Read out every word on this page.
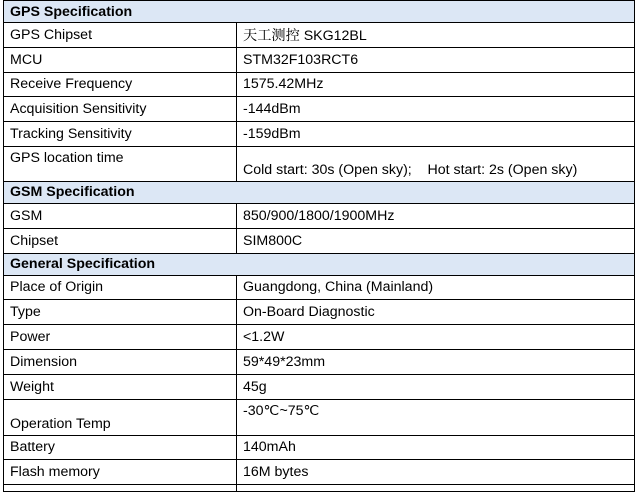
GPS Specification	
GPS Chipset	天工测控 SKG12BL
MCU	STM32F103RCT6
Receive Frequency	1575.42MHz
Acquisition Sensitivity	-144dBm
Tracking Sensitivity	-159dBm
GPS location time	Cold start: 30s (Open sky);    Hot start: 2s (Open sky)
GSM Specification	
GSM	850/900/1800/1900MHz
Chipset	SIM800C
General Specification	
Place of Origin	Guangdong, China (Mainland)
Type	On-Board Diagnostic
Power	<1.2W
Dimension	59*49*23mm
Weight	45g
Operation Temp	-30℃~75℃
Battery	140mAh
Flash memory	16M bytes
